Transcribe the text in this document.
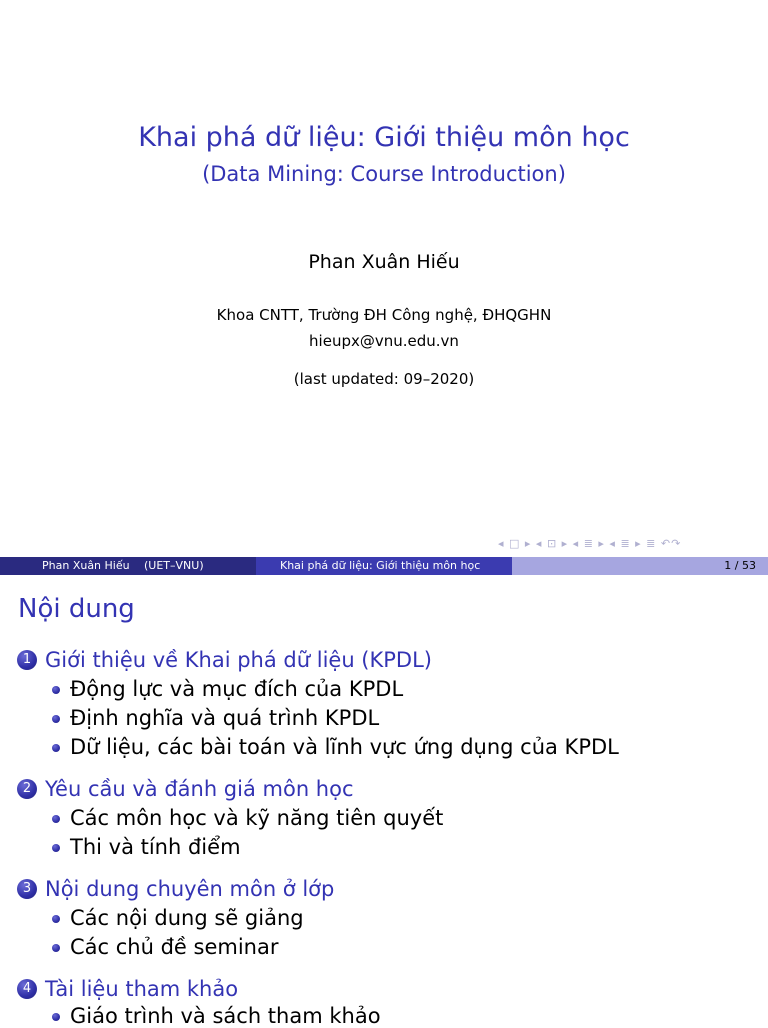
Khai phá dữ liệu: Giới thiệu môn học
(Data Mining: Course Introduction)
Phan Xuân Hiếu
Khoa CNTT, Trường ĐH Công nghệ, ĐHQGHN
hieupx@vnu.edu.vn
(last updated: 09–2020)
◂ □ ▸ ◂ ⊡ ▸ ◂ ≣ ▸ ◂ ≣ ▸ ≣ ↶↷
Phan Xuân Hiếu (UET–VNU)	Khai phá dữ liệu: Giới thiệu môn học	1 / 53
Nội dung
1 Giới thiệu về Khai phá dữ liệu (KPDL)
Động lực và mục đích của KPDL
Định nghĩa và quá trình KPDL
Dữ liệu, các bài toán và lĩnh vực ứng dụng của KPDL
2 Yêu cầu và đánh giá môn học
Các môn học và kỹ năng tiên quyết
Thi và tính điểm
3 Nội dung chuyên môn ở lớp
Các nội dung sẽ giảng
Các chủ đề seminar
4 Tài liệu tham khảo
Giáo trình và sách tham khảo
